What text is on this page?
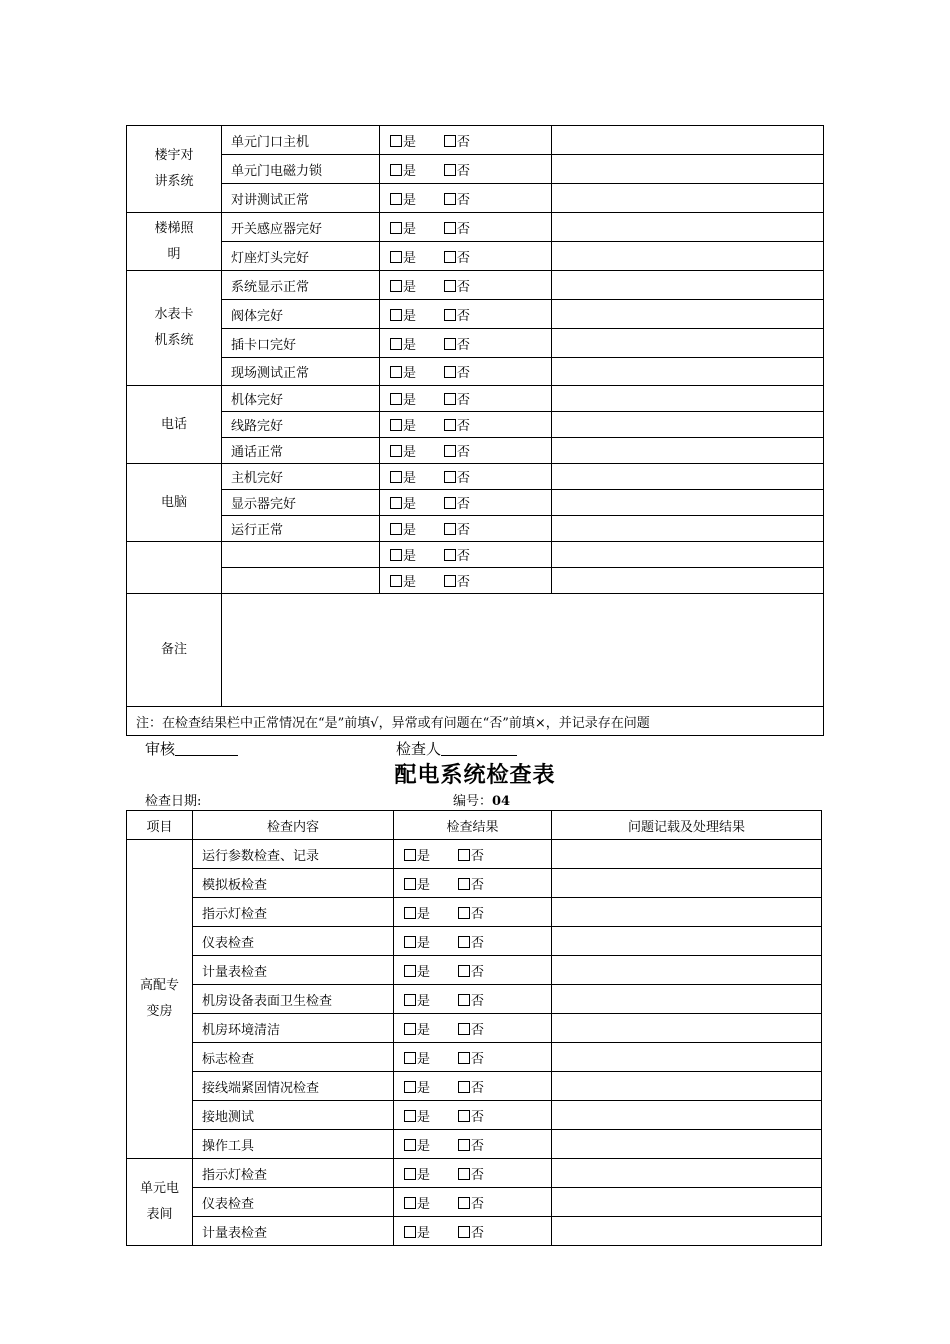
楼宇对讲系统	单元门口主机	是 否	
	单元门电磁力锁	是 否	
	对讲测试正常	是 否	
楼梯照明	开关感应器完好	是 否	
	灯座灯头完好	是 否	
水表卡机系统	系统显示正常	是 否	
	阀体完好	是 否	
	插卡口完好	是 否	
	现场测试正常	是 否	
电话	机体完好	是 否	
	线路完好	是 否	
	通话正常	是 否	
电脑	主机完好	是 否	
	显示器完好	是 否	
	运行正常	是 否	
		是 否	
		是 否	
备注			
注：在检查结果栏中正常情况在“是”前填√，异常或有问题在“否”前填×，并记录存在问题			
审核	检查人
配电系统检查表
检查日期:	编号：04
项目	检查内容	检查结果	问题记载及处理结果
高配专变房	运行参数检查、记录	是 否	
	模拟板检查	是 否	
	指示灯检查	是 否	
	仪表检查	是 否	
	计量表检查	是 否	
	机房设备表面卫生检查	是 否	
	机房环境清洁	是 否	
	标志检查	是 否	
	接线端紧固情况检查	是 否	
	接地测试	是 否	
	操作工具	是 否	
单元电表间	指示灯检查	是 否	
	仪表检查	是 否	
	计量表检查	是 否	
